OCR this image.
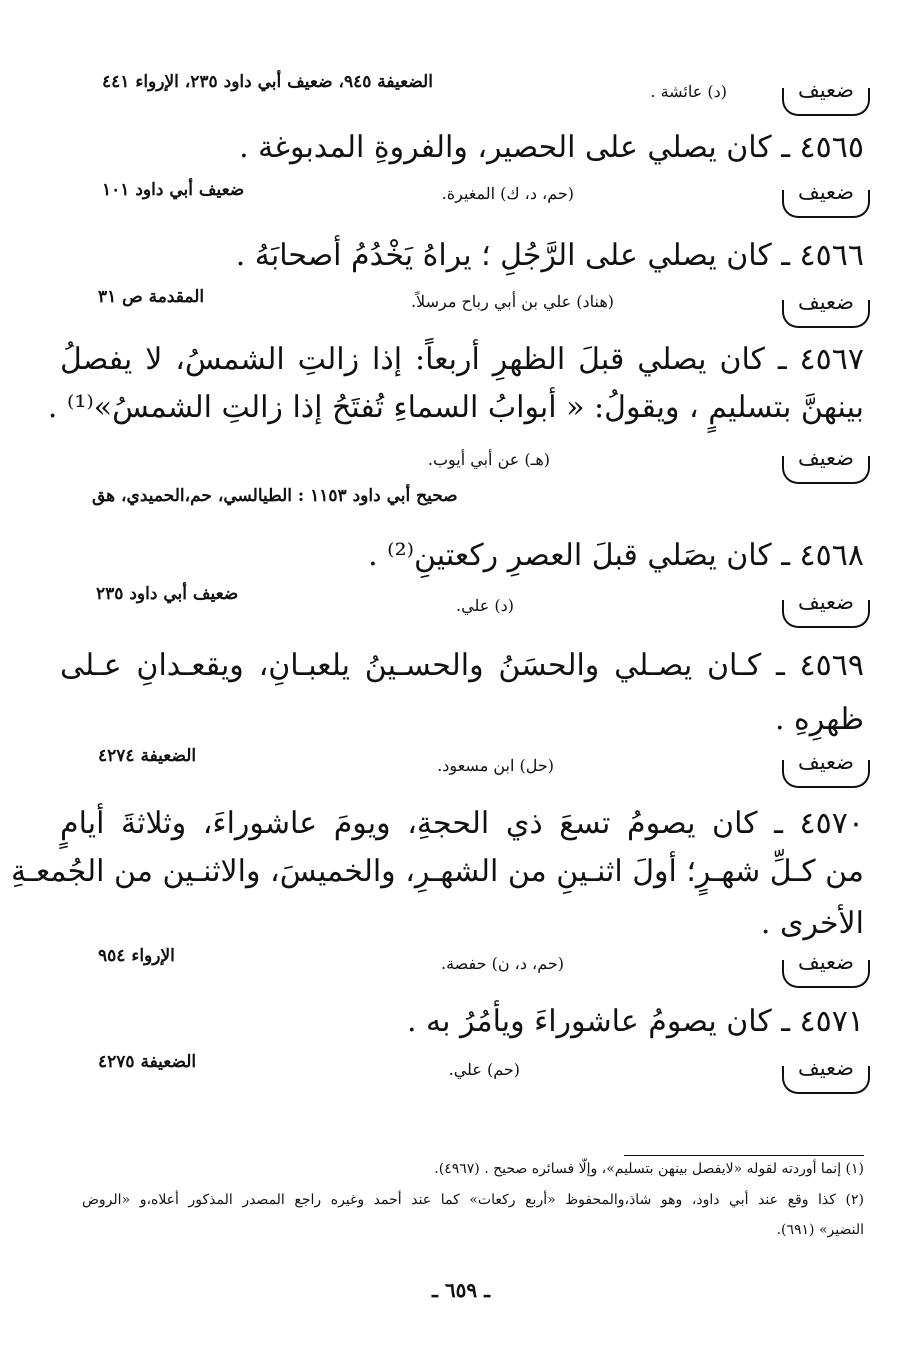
ضعيف
(د) عائشة .
الضعيفة ٩٤٥، ضعيف أبي داود ٢٣٥، الإرواء ٤٤١
٤٥٦٥ ـ كان يصلي على الحصير، والفروةِ المدبوغة .
ضعيف
(حم، د، ك) المغيرة.
ضعيف أبي داود ١٠١
٤٥٦٦ ـ كان يصلي على الرَّجُلِ ؛ يراهُ يَخْدُمُ أصحابَهُ .
ضعيف
(هناد) علي بن أبي رباح مرسلاً.
المقدمة ص ٣١
٤٥٦٧ ـ كان يصلي قبلَ الظهرِ أربعاً: إذا زالتِ الشمسُ، لا يفصلُ
بينهنَّ بتسليمٍ ، ويقولُ: « أبوابُ السماءِ تُفتَحُ إذا زالتِ الشمسُ»⁽¹⁾ .
ضعيف
(هـ) عن أبي أيوب.
صحيح أبي داود ١١٥٣ : الطيالسي، حم،الحميدي، هق
٤٥٦٨ ـ كان يصَلي قبلَ العصرِ ركعتينِ⁽²⁾ .
ضعيف
(د) علي.
ضعيف أبي داود ٢٣٥
٤٥٦٩ ـ كـان يصـلي والحسَنُ والحسـينُ يلعبـانِ، ويقعـدانِ عـلى
ظهرِهِ .
ضعيف
(حل) ابن مسعود.
الضعيفة ٤٢٧٤
٤٥٧٠ ـ كان يصومُ تسعَ ذي الحجةِ، ويومَ عاشوراءَ، وثلاثةَ أيامٍ
من كـلِّ شهـرٍ؛ أولَ اثنـينِ من الشهـرِ، والخميسَ، والاثنـين من الجُمعـةِ
الأخرى .
ضعيف
(حم، د، ن) حفصة.
الإرواء ٩٥٤
٤٥٧١ ـ كان يصومُ عاشوراءَ ويأمُرُ به .
ضعيف
(حم) علي.
الضعيفة ٤٢٧٥
(١) إنما أوردته لقوله «لايفصل بينهن بتسليم»، وإلّا فسائره صحيح . (٤٩٦٧).
(٢) كذا وقع عند أبي داود، وهو شاذ،والمحفوظ «أربع ركعات» كما عند أحمد وغيره راجع المصدر المذكور أعلاه،و «الروض
النضير» (٦٩١).
ـ ٦٥٩ ـ
